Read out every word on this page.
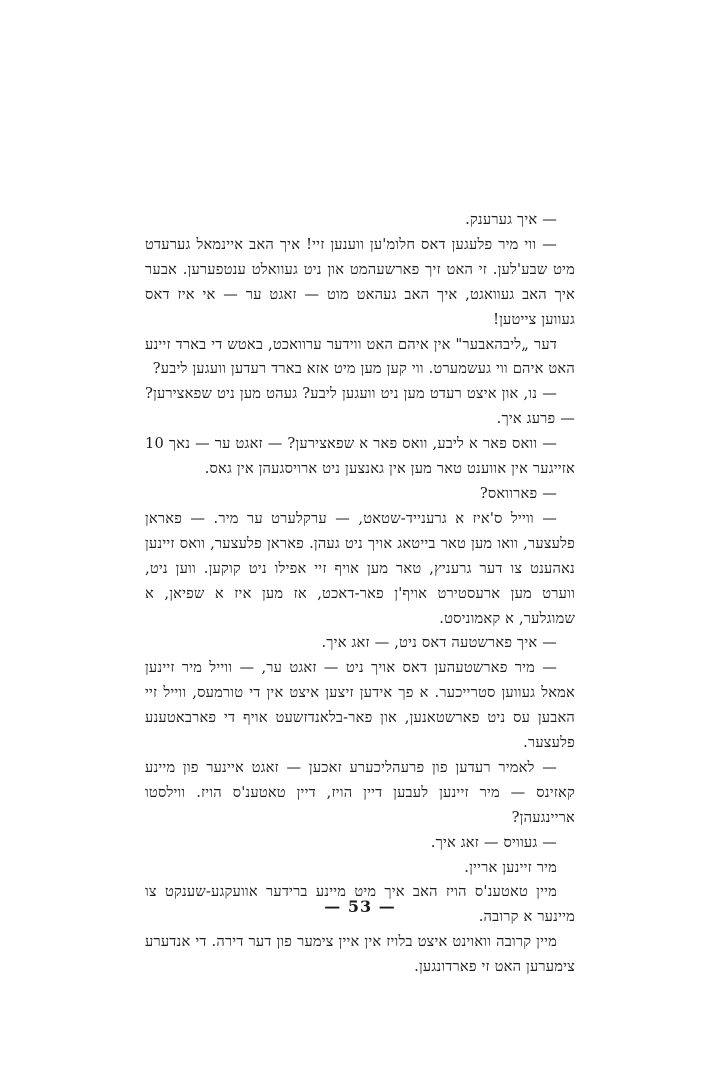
— איך גערענק.

— ווי מיר פלעגען דאס חלומ'ען ווענען זיי! איך האב איינמאל גערעדט מיט שבע'לען. זי האט זיך פארשעהמט און ניט געוואלט ענטפערען. אבער איך האב געוואגט, איך האב געהאט מוט — זאגט ער — אי איז דאס געווען צייטען!

דער „ליבהאבער" אין איהם האט ווידער ערוואכט, באטש די בארד זיינע האט איהם ווי געשמערט. ווי קען מען מיט אזא בארד רעדען וועגען ליבע?

— נו, און איצט רעדט מען ניט וועגען ליבע? געהט מען ניט שפאצירען? — פרעג איך.

— וואס פאר א ליבע, וואס פאר א שפאצירען? — זאגט ער — נאך 10 אזייגער אין אווענט טאר מען אין גאנצען ניט ארויסגעהן אין גאס.

— פארוואס?

— ווייל ס'איז א גרענייד-שטאט, — ערקלערט ער מיר. — פאראן פלעצער, וואו מען טאר בייטאג אויך ניט געהן. פאראן פלעצער, וואס זיינען נאהענט צו דער גרעניץ, טאר מען אויף זיי אפילו ניט קוקען. ווען ניט, ווערט מען ארעסטירט אויף'ן פאר-דאכט, אז מען איז א שפיאן, א שמוגלער, א קאמוניסט.

— איך פארשטעה דאס ניט, — זאג איך.

— מיר פארשטעהען דאס אויך ניט — זאגט ער, — ווייל מיר זיינען אמאל געווען סטרייכער. א פך אידען זיצען איצט אין די טורמעס, ווייל זיי האבען עס ניט פארשטאנען, און פאר-בלאנדזשעט אויף די פארבאטענע פלעצער.

— לאמיר רעדען פון פרעהליכערע זאכען — זאגט איינער פון מיינע קאזינס — מיר זיינען לעבען דיין הויז, דיין טאטענ'ס הויז. ווילסטו אריינגעהן?

— געוויס — זאג איך.

מיר זיינען אריין.

מיין טאטענ'ס הויז האב איך מיט מיינע ברידער אוועקגע-שענקט צו מיינער א קרובה.

מיין קרובה וואוינט איצט בלויז אין איין צימער פון דער דירה. די אנדערע צימערען האט זי פארדונגען.

— 53 —
